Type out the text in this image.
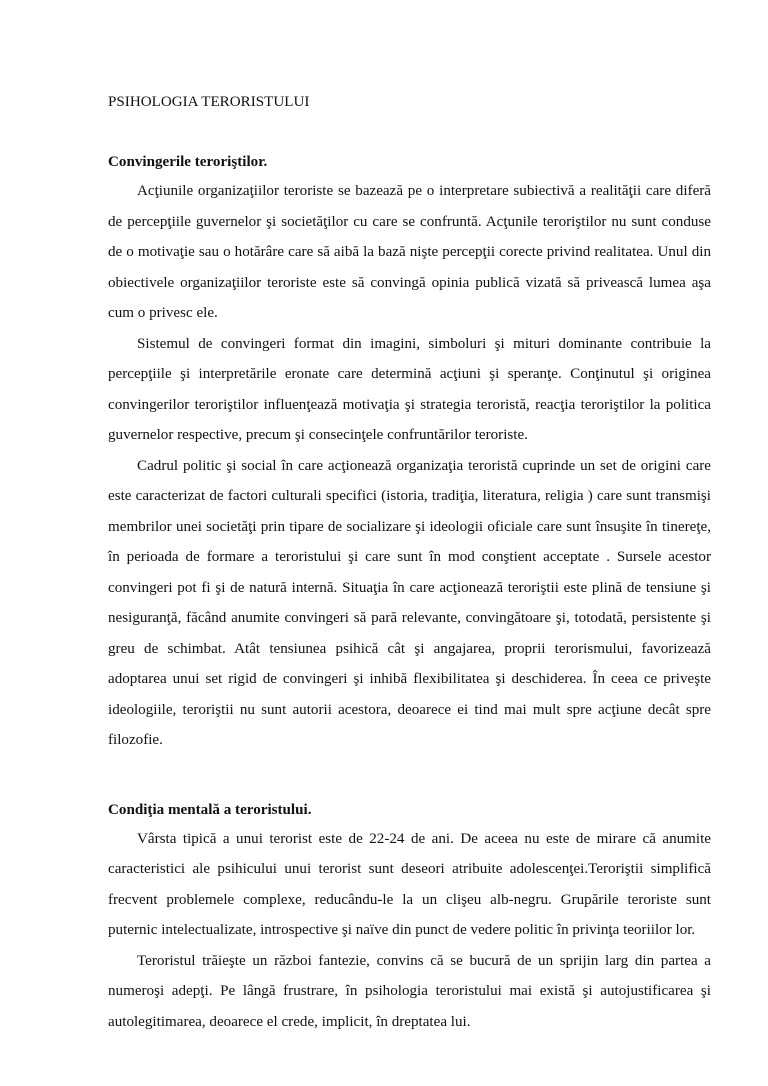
PSIHOLOGIA TERORISTULUI
Convingerile teroriştilor.

Acţiunile organizaţiilor teroriste se bazează pe o interpretare subiectivă a realităţii care diferă de percepţiile guvernelor şi societăţilor cu care se confruntă. Acţunile teroriştilor nu sunt conduse de o motivaţie sau o hotărâre care să aibă la bază nişte percepţii corecte privind realitatea. Unul din obiectivele organizaţiilor teroriste este să convingă opinia publică vizată să privească lumea aşa cum o privesc ele.

Sistemul de convingeri format din imagini, simboluri şi mituri dominante contribuie la percepţiile şi interpretările eronate care determină acţiuni şi speranţe. Conţinutul şi originea convingerilor teroriştilor influenţează motivaţia şi strategia teroristă, reacţia teroriştilor la politica guvernelor respective, precum şi consecinţele confruntărilor teroriste.

Cadrul politic şi social în care acţionează organizaţia teroristă cuprinde un set de origini care este caracterizat de factori culturali specifici (istoria, tradiţia, literatura, religia ) care sunt transmişi membrilor unei societăţi prin tipare de socializare şi ideologii oficiale care sunt însuşite în tinereţe, în perioada de formare a teroristului şi care sunt în mod conştient acceptate . Sursele acestor convingeri pot fi şi de natură internă. Situaţia în care acţionează teroriştii este plină de tensiune şi nesiguranţă, făcând anumite convingeri să pară relevante, convingătoare şi, totodată, persistente şi greu de schimbat. Atât tensiunea psihică cât şi angajarea, proprii terorismului, favorizează adoptarea unui set rigid de convingeri şi inhibă flexibilitatea şi deschiderea. În ceea ce priveşte ideologiile, teroriştii nu sunt autorii acestora, deoarece ei tind mai mult spre acţiune decât spre filozofie.

Condiţia mentală a teroristului.

Vârsta tipică a unui terorist este de 22-24 de ani. De aceea nu este de mirare că anumite caracteristici ale psihicului unui terorist sunt deseori atribuite adolescenţei.Teroriştii simplifică frecvent problemele complexe, reducându-le la un clişeu alb-negru. Grupările teroriste sunt puternic intelectualizate, introspective şi naïve din punct de vedere politic în privinţa teoriilor lor.

Teroristul trăieşte un război fantezie, convins că se bucură de un sprijin larg din partea a numeroşi adepţi. Pe lângă frustrare, în psihologia teroristului mai există şi autojustificarea şi autolegitimarea, deoarece el crede, implicit, în dreptatea lui.
